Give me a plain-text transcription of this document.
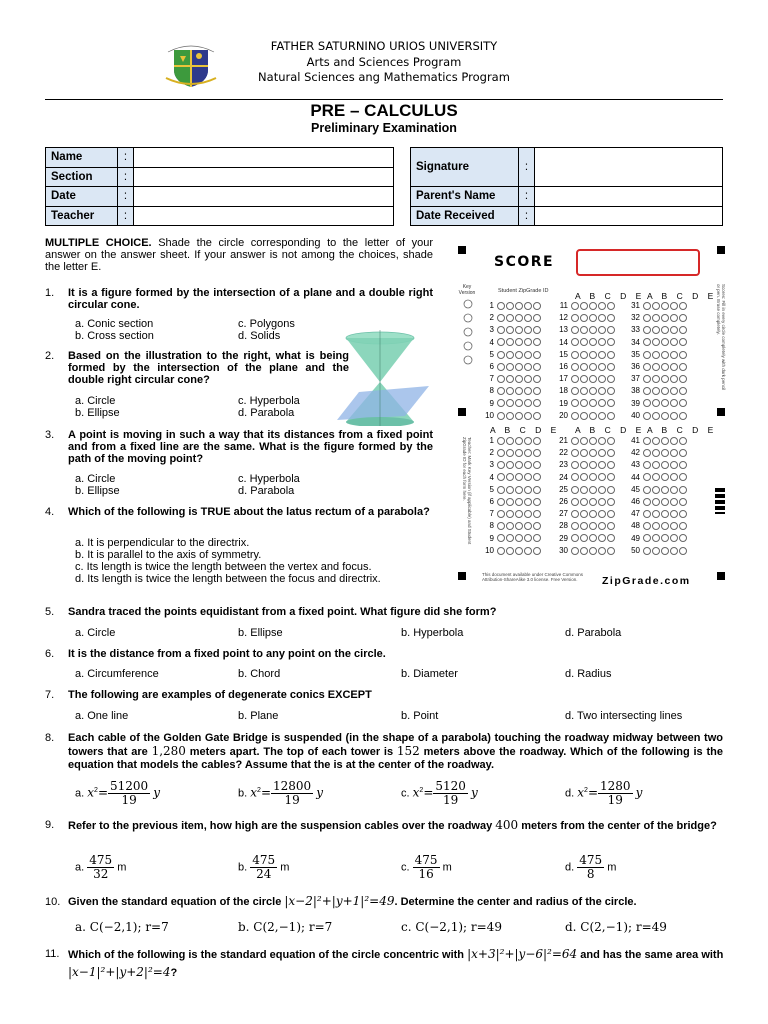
FATHER SATURNINO URIOS UNIVERSITY
Arts and Sciences Program
Natural Sciences ang Mathematics Program
PRE – CALCULUS
Preliminary Examination
Name	:	
Section	:	
Date	:	
Teacher	:	
Signature	:	
Parent's Name	:	
Date Received	:	
MULTIPLE CHOICE. Shade the circle corresponding to the letter of your answer on the answer sheet. If your answer is not among the choices, shade the letter E.
1. It is a figure formed by the intersection of a plane and a double right circular cone.
a. Conic section	c. Polygons
b. Cross section	d. Solids
2. Based on the illustration to the right, what is being formed by the intersection of the plane and the double right circular cone?
a. Circle	c. Hyperbola
b. Ellipse	d. Parabola
3. A point is moving in such a way that its distances from a fixed point and from a fixed line are the same. What is the figure formed by the path of the moving point?
a. Circle	c. Hyperbola
b. Ellipse	d. Parabola
4. Which of the following is TRUE about the latus rectum of a parabola?
a. It is perpendicular to the directrix.
b. It is parallel to the axis of symmetry.
c. Its length is twice the length between the vertex and focus.
d. Its length is twice the length between the focus and directrix.
SCORE
Key Version	Student ZipGrade ID	A B C D E A B C D E
A B C D E A B C D E A B C D E
1	11	31
2	12	32
3	13	33
4	14	34
5	15	35
6	16	36
7	17	37
8	18	38
9	19	39
10	20	40
1	21	41
2	22	42
3	23	43
4	24	44
5	25	45
6	26	46
7	27	47
8	28	48
9	29	49
10	30	50
Teacher: Mark Key Version (if applicable) and Student ZipGrade ID for each form here.
Scores: Fill in every circle completely with dark pencil or pen. Erase completely.
This document available under Creative Commons Attribution-ShareAlike 3.0 license. Free Version.	ZipGrade.com
5. Sandra traced the points equidistant from a fixed point. What figure did she form?
a. Circle	b. Ellipse	b. Hyperbola	d. Parabola
6. It is the distance from a fixed point to any point on the circle.
a. Circumference	b. Chord	b. Diameter	d. Radius
7. The following are examples of degenerate conics EXCEPT
a. One line	b. Plane	b. Point	d. Two intersecting lines
8. Each cable of the Golden Gate Bridge is suspended (in the shape of a parabola) touching the roadway midway between two towers that are 1,280 meters apart. The top of each tower is 152 meters above the roadway. Which of the following is the equation that models the cables? Assume that the is at the center of the roadway.
a. $x^2= \frac{51200}{19}$ y	b. $x^2= \frac{12800}{19}$ y	c. $x^2= \frac{5120}{19}$ y	d. $x^2= \frac{1280}{19}$ y
9. Refer to the previous item, how high are the suspension cables over the roadway 400 meters from the center of the bridge?
a. $\frac{475}{32}$ m	b. $\frac{475}{24}$ m	c. $\frac{475}{16}$ m	d. $\frac{475}{8}$ m
10. Given the standard equation of the circle |x−2|²+|y+1|²=49. Determine the center and radius of the circle.
a. C(−2,1); r=7	b. C(2,−1); r=7	c. C(−2,1); r=49	d. C(2,−1); r=49
11. Which of the following is the standard equation of the circle concentric with |x+3|²+|y−6|²=64 and has the same area with |x−1|²+|y+2|²=4?
